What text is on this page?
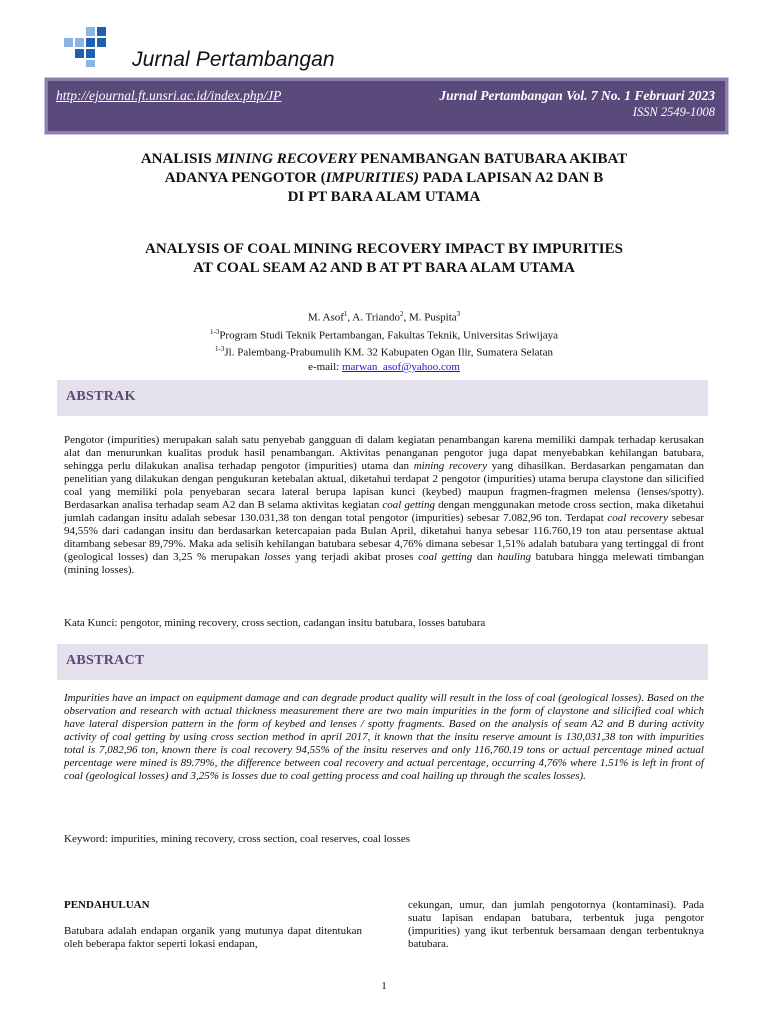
Jurnal Pertambangan
http://ejournal.ft.unsri.ac.id/index.php/JP	Jurnal Pertambangan Vol. 7 No. 1 Februari 2023
ISSN 2549-1008
ANALISIS MINING RECOVERY PENAMBANGAN BATUBARA AKIBAT
ADANYA PENGOTOR (IMPURITIES) PADA LAPISAN A2 DAN B
DI PT BARA ALAM UTAMA
ANALYSIS OF COAL MINING RECOVERY IMPACT BY IMPURITIES
AT COAL SEAM A2 AND B AT PT BARA ALAM UTAMA
M. Asof$^1$, A. Triando$^2$, M. Puspita$^3$
$^{1-3}$Program Studi Teknik Pertambangan, Fakultas Teknik, Universitas Sriwijaya
$^{1-3}$Jl. Palembang-Prabumulih KM. 32 Kabupaten Ogan Ilir, Sumatera Selatan
e-mail: marwan_asof@yahoo.com
ABSTRAK
Pengotor (impurities) merupakan salah satu penyebab gangguan di dalam kegiatan penambangan karena memiliki dampak terhadap kerusakan alat dan menurunkan kualitas produk hasil penambangan. Aktivitas penanganan pengotor juga dapat menyebabkan kehilangan batubara, sehingga perlu dilakukan analisa terhadap pengotor (impurities) utama dan mining recovery yang dihasilkan. Berdasarkan pengamatan dan penelitian yang dilakukan dengan pengukuran ketebalan aktual, diketahui terdapat 2 pengotor (impurities) utama berupa claystone dan silicified coal yang memiliki pola penyebaran secara lateral berupa lapisan kunci (keybed) maupun fragmen-fragmen melensa (lenses/spotty). Berdasarkan analisa terhadap seam A2 dan B selama aktivitas kegiatan coal getting dengan menggunakan metode cross section, maka diketahui jumlah cadangan insitu adalah sebesar 130.031,38 ton dengan total pengotor (impurities) sebesar 7.082,96 ton. Terdapat coal recovery sebesar 94,55% dari cadangan insitu dan berdasarkan ketercapaian pada Bulan April, diketahui hanya sebesar 116.760,19 ton atau persentase aktual ditambang sebesar 89,79%. Maka ada selisih kehilangan batubara sebesar 4,76% dimana sebesar 1,51% adalah batubara yang tertinggal di front (geological losses) dan 3,25 % merupakan losses yang terjadi akibat proses coal getting dan hauling batubara hingga melewati timbangan (mining losses).
Kata Kunci: pengotor, mining recovery, cross section, cadangan insitu batubara, losses batubara
ABSTRACT
Impurities have an impact on equipment damage and can degrade product quality will result in the loss of coal (geological losses). Based on the observation and research with actual thickness measurement there are two main impurities in the form of claystone and silicified coal which have lateral dispersion pattern in the form of keybed and lenses / spotty fragments. Based on the analysis of seam A2 and B during activity activity of coal getting by using cross section method in april 2017, it known that the insitu reserve amount is 130,031,38 ton with impurities total is 7,082,96 ton, known there is coal recovery 94,55% of the insitu reserves and only 116,760.19 tons or actual percentage mined actual percentage were mined is 89.79%, the difference between coal recovery and actual percentage, occurring 4,76% where 1.51% is left in front of coal (geological losses) and 3,25% is losses due to coal getting process and coal hailing up through the scales losses).
Keyword: impurities, mining recovery, cross section, coal reserves, coal losses
PENDAHULUAN
Batubara adalah endapan organik yang mutunya dapat ditentukan oleh beberapa faktor seperti lokasi endapan,
cekungan, umur, dan jumlah pengotornya (kontaminasi). Pada suatu lapisan endapan batubara, terbentuk juga pengotor (impurities) yang ikut terbentuk bersamaan dengan terbentuknya batubara.
1
